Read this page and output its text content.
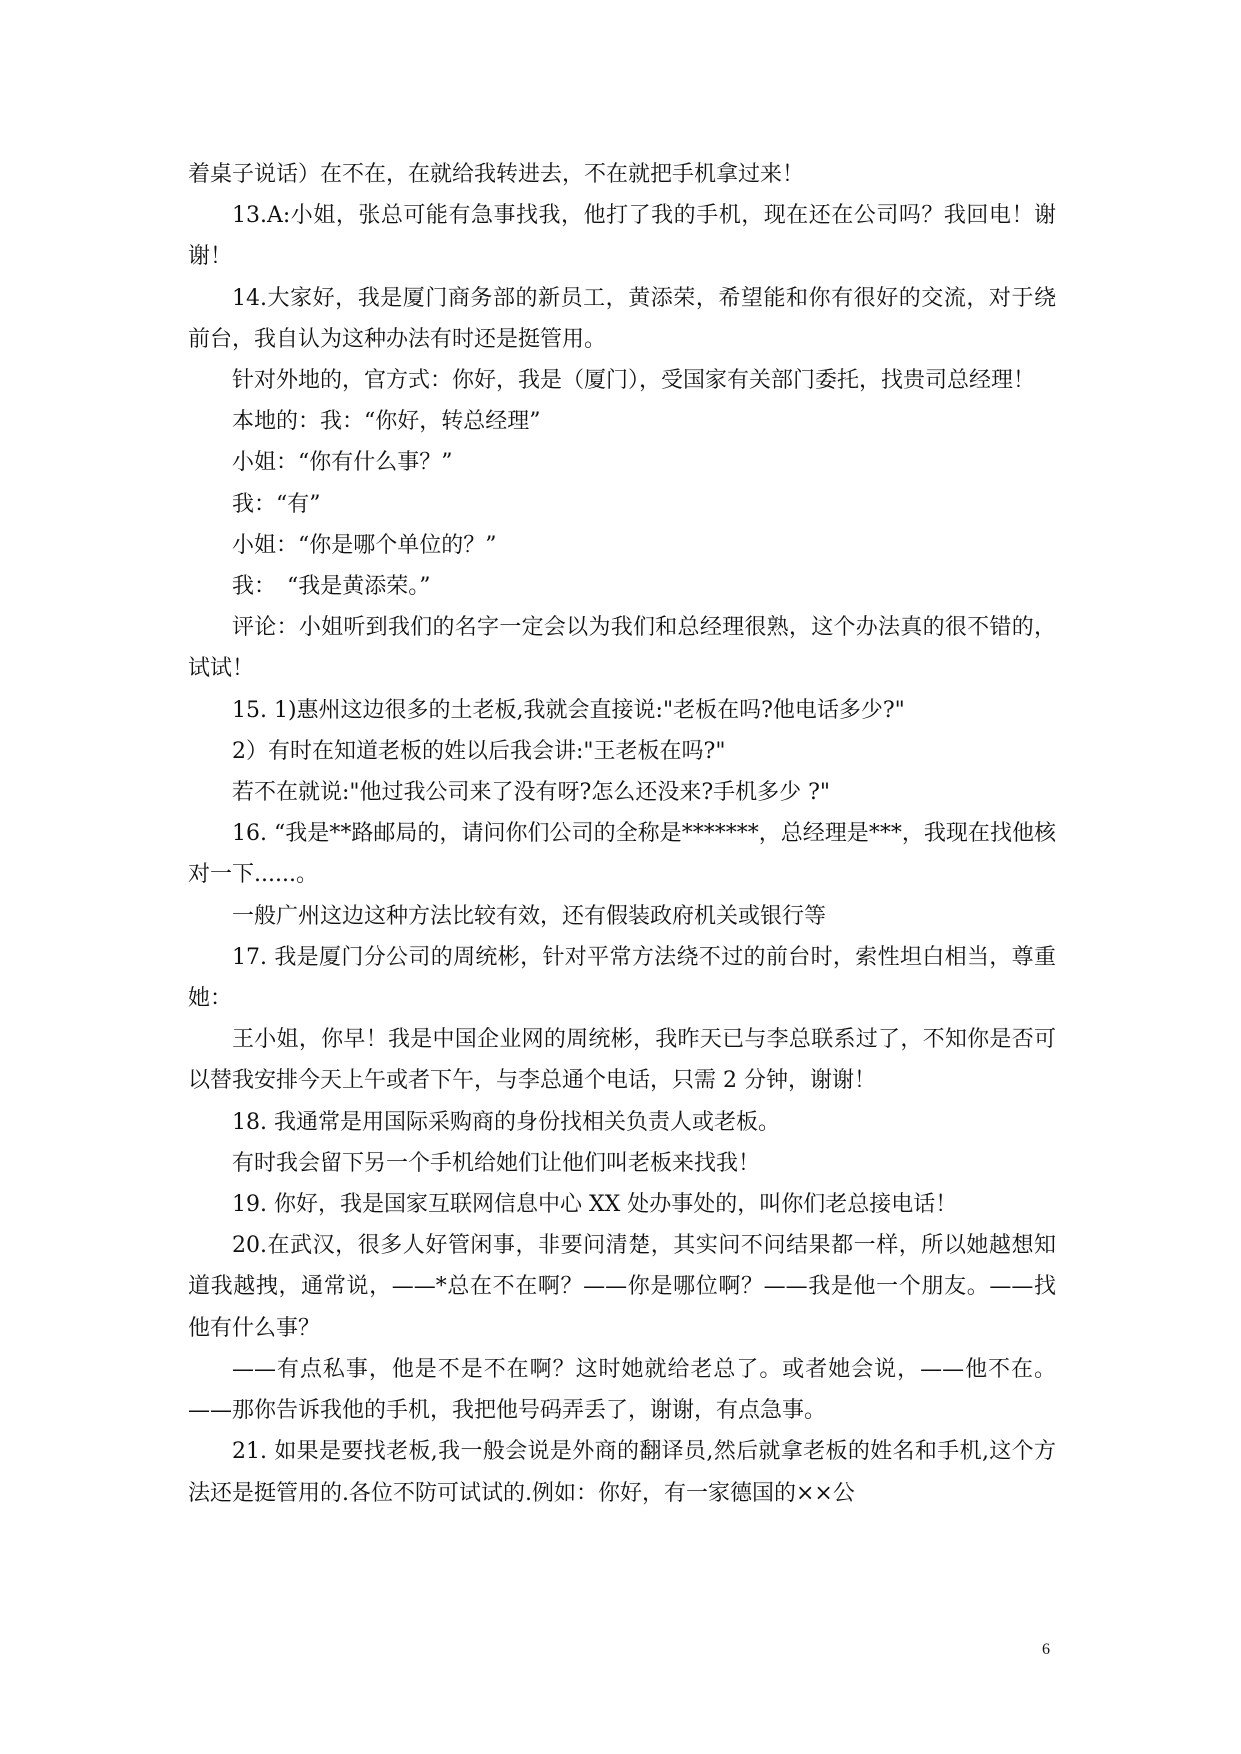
着桌子说话）在不在，在就给我转进去，不在就把手机拿过来！

13.A:小姐，张总可能有急事找我，他打了我的手机，现在还在公司吗？我回电！谢谢！

14.大家好，我是厦门商务部的新员工，黄添荣，希望能和你有很好的交流，对于绕前台，我自认为这种办法有时还是挺管用。

针对外地的，官方式：你好，我是（厦门），受国家有关部门委托，找贵司总经理！

本地的：我：“你好，转总经理”

小姐：“你有什么事？”

我：“有”

小姐：“你是哪个单位的？”

我：　“我是黄添荣。”

评论：小姐听到我们的名字一定会以为我们和总经理很熟，这个办法真的很不错的，试试！

15. 1)惠州这边很多的土老板,我就会直接说:"老板在吗?他电话多少?"

2）有时在知道老板的姓以后我会讲:"王老板在吗?"

若不在就说:"他过我公司来了没有呀?怎么还没来?手机多少 ?"

16. “我是**路邮局的，请问你们公司的全称是*******，总经理是***，我现在找他核对一下......。

一般广州这边这种方法比较有效，还有假装政府机关或银行等

17. 我是厦门分公司的周统彬，针对平常方法绕不过的前台时，索性坦白相当，尊重她：

王小姐，你早！我是中国企业网的周统彬，我昨天已与李总联系过了，不知你是否可以替我安排今天上午或者下午，与李总通个电话，只需 2 分钟，谢谢！

18. 我通常是用国际采购商的身份找相关负责人或老板。

有时我会留下另一个手机给她们让他们叫老板来找我！

19. 你好，我是国家互联网信息中心 XX 处办事处的，叫你们老总接电话！

20.在武汉，很多人好管闲事，非要问清楚，其实问不问结果都一样，所以她越想知道我越拽，通常说，——*总在不在啊？——你是哪位啊？——我是他一个朋友。——找他有什么事？

——有点私事，他是不是不在啊？这时她就给老总了。或者她会说，——他不在。——那你告诉我他的手机，我把他号码弄丢了，谢谢，有点急事。

21. 如果是要找老板,我一般会说是外商的翻译员,然后就拿老板的姓名和手机,这个方法还是挺管用的.各位不防可试试的.例如：你好，有一家德国的××公

6
